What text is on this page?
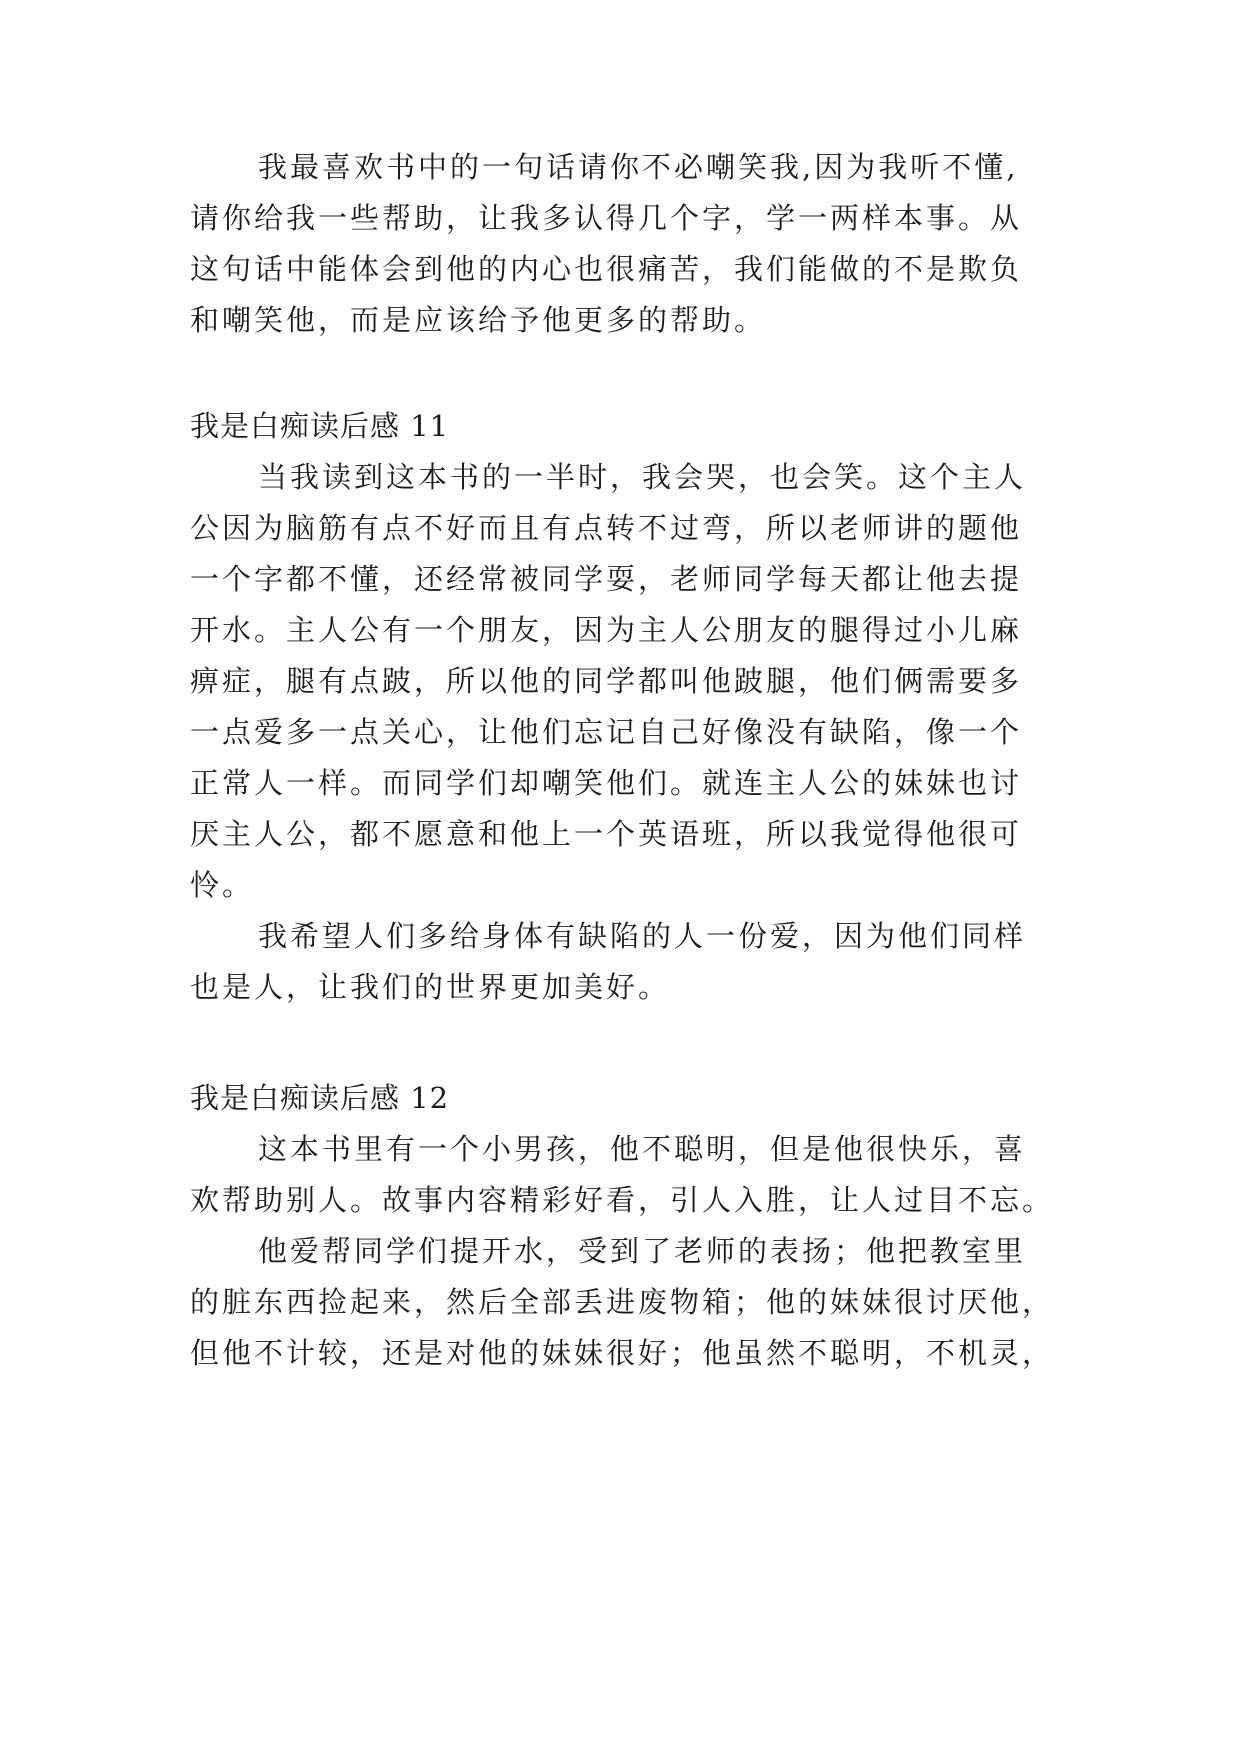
我最喜欢书中的一句话请你不必嘲笑我,因为我听不懂,
请你给我一些帮助，让我多认得几个字，学一两样本事。从
这句话中能体会到他的内心也很痛苦，我们能做的不是欺负
和嘲笑他，而是应该给予他更多的帮助。
我是白痴读后感 11
当我读到这本书的一半时，我会哭，也会笑。这个主人
公因为脑筋有点不好而且有点转不过弯，所以老师讲的题他
一个字都不懂，还经常被同学耍，老师同学每天都让他去提
开水。主人公有一个朋友，因为主人公朋友的腿得过小儿麻
痹症，腿有点跛，所以他的同学都叫他跛腿，他们俩需要多
一点爱多一点关心，让他们忘记自己好像没有缺陷，像一个
正常人一样。而同学们却嘲笑他们。就连主人公的妹妹也讨
厌主人公，都不愿意和他上一个英语班，所以我觉得他很可
怜。
我希望人们多给身体有缺陷的人一份爱，因为他们同样
也是人，让我们的世界更加美好。
我是白痴读后感 12
这本书里有一个小男孩，他不聪明，但是他很快乐，喜
欢帮助别人。故事内容精彩好看，引人入胜，让人过目不忘。
他爱帮同学们提开水，受到了老师的表扬；他把教室里
的脏东西捡起来，然后全部丢进废物箱；他的妹妹很讨厌他，
但他不计较，还是对他的妹妹很好；他虽然不聪明，不机灵，
